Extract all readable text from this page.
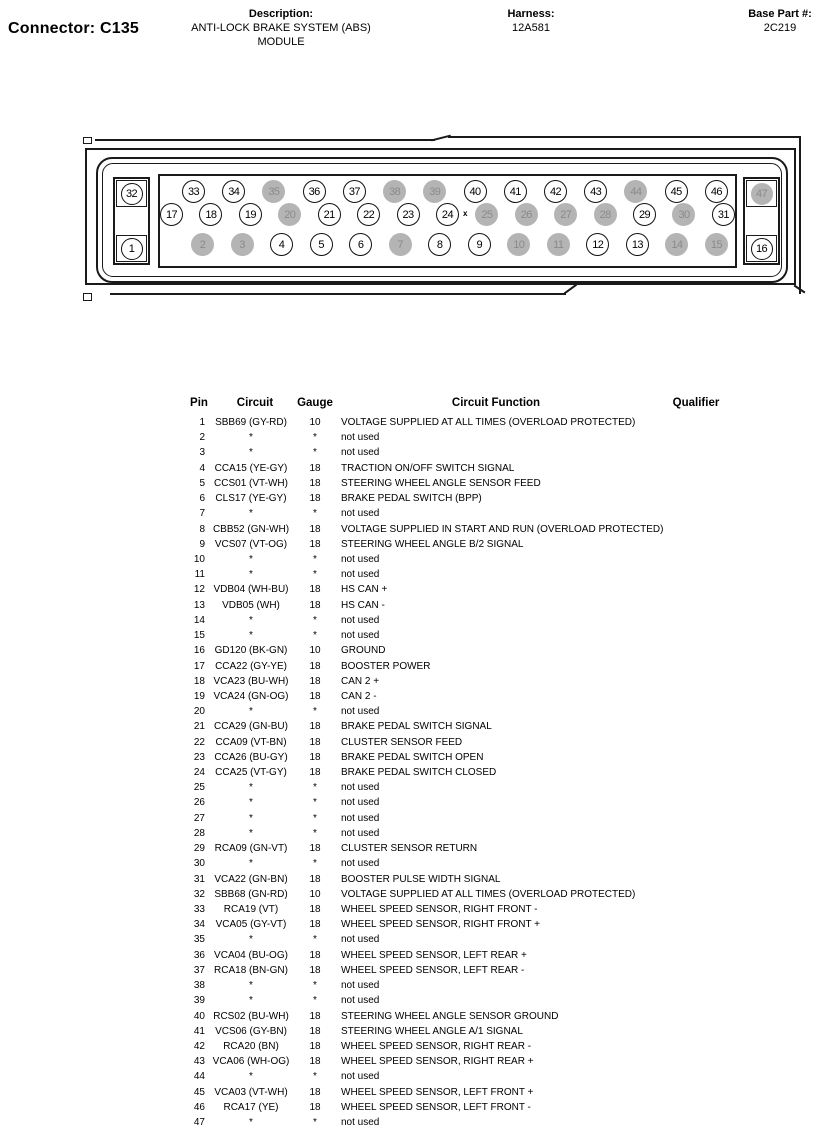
Connector: C135
Description:
ANTI-LOCK BRAKE SYSTEM (ABS)
MODULE
Harness:
12A581
Base Part #:
2C219
32
1
47
16
33	34	35	36	37	38	39	40	41	42	43	44	45	46
17	18	19	20	21	22	23	24	25	26	27	28	29	30	31
2	3	4	5	6	7	8	9	10	11	12	13	14	15
x
Pin	Circuit	Gauge	Circuit Function	Qualifier
1	SBB69 (GY-RD)	10	VOLTAGE SUPPLIED AT ALL TIMES (OVERLOAD PROTECTED)
2	*	*	not used
3	*	*	not used
4 CCA15 (YE-GY)	18	TRACTION ON/OFF SWITCH SIGNAL
5 CCS01 (VT-WH)	18	STEERING WHEEL ANGLE SENSOR FEED
6	CLS17 (YE-GY)	18	BRAKE PEDAL SWITCH (BPP)
7	*	*	not used
8 CBB52 (GN-WH)	18	VOLTAGE SUPPLIED IN START AND RUN (OVERLOAD PROTECTED)
9 VCS07 (VT-OG)	18	STEERING WHEEL ANGLE B/2 SIGNAL
10	*	*	not used
11	*	*	not used
12 VDB04 (WH-BU)	18	HS CAN +
13	VDB05 (WH)	18	HS CAN -
14	*	*	not used
15	*	*	not used
16 GD120 (BK-GN)	10	GROUND
17	CCA22 (GY-YE)	18	BOOSTER POWER
18 VCA23 (BU-WH)	18	CAN 2 +
19 VCA24 (GN-OG)	18	CAN 2 -
20	*	*	not used
21 CCA29 (GN-BU)	18	BRAKE PEDAL SWITCH SIGNAL
22	CCA09 (VT-BN)	18	CLUSTER SENSOR FEED
23 CCA26 (BU-GY)	18	BRAKE PEDAL SWITCH OPEN
24	CCA25 (VT-GY)	18	BRAKE PEDAL SWITCH CLOSED
25	*	*	not used
26	*	*	not used
27	*	*	not used
28	*	*	not used
29 RCA09 (GN-VT)	18	CLUSTER SENSOR RETURN
30	*	*	not used
31 VCA22 (GN-BN)	18	BOOSTER PULSE WIDTH SIGNAL
32 SBB68 (GN-RD)	10	VOLTAGE SUPPLIED AT ALL TIMES (OVERLOAD PROTECTED)
33	RCA19 (VT)	18	WHEEL SPEED SENSOR, RIGHT FRONT -
34	VCA05 (GY-VT)	18	WHEEL SPEED SENSOR, RIGHT FRONT +
35	*	*	not used
36 VCA04 (BU-OG)	18	WHEEL SPEED SENSOR, LEFT REAR +
37 RCA18 (BN-GN)	18	WHEEL SPEED SENSOR, LEFT REAR -
38	*	*	not used
39	*	*	not used
40 RCS02 (BU-WH)	18	STEERING WHEEL ANGLE SENSOR GROUND
41	VCS06 (GY-BN)	18	STEERING WHEEL ANGLE A/1 SIGNAL
42	RCA20 (BN)	18	WHEEL SPEED SENSOR, RIGHT REAR -
43 VCA06 (WH-OG)	18	WHEEL SPEED SENSOR, RIGHT REAR +
44	*	*	not used
45 VCA03 (VT-WH)	18	WHEEL SPEED SENSOR, LEFT FRONT +
46	RCA17 (YE)	18	WHEEL SPEED SENSOR, LEFT FRONT -
47	*	*	not used
